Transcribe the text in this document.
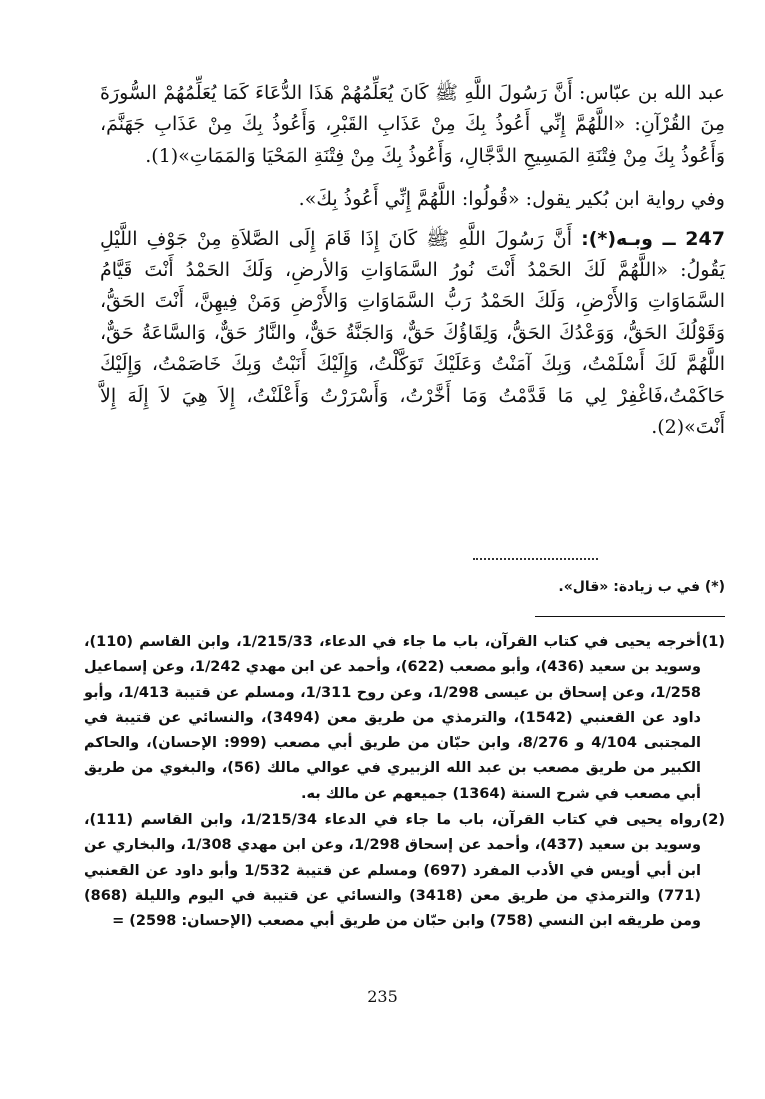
عبد الله بن عبّاس: أَنَّ رَسُولَ اللَّهِ ﷺ كَانَ يُعَلِّمُهُمْ هَذَا الدُّعَاءَ كَمَا يُعَلِّمُهُمْ السُّورَةَ مِنَ القُرْآنِ: «اللَّهُمَّ إِنِّي أَعُوذُ بِكَ مِنْ عَذَابِ القَبْرِ، وَأَعُوذُ بِكَ مِنْ عَذَابِ جَهَنَّمَ، وَأَعُوذُ بِكَ مِنْ فِتْنَةِ المَسِيحِ الدَّجَّالِ، وَأَعُوذُ بِكَ مِنْ فِتْنَةِ المَحْيَا وَالمَمَاتِ»(1).

وفي رواية ابن بُكير يقول: «قُولُوا: اللَّهُمَّ إِنِّي أَعُوذُ بِكَ».

247 ــ وبـه(*): أَنَّ رَسُولَ اللَّهِ ﷺ كَانَ إِذَا قَامَ إِلَى الصَّلاَةِ مِنْ جَوْفِ اللَّيْلِ يَقُولُ: «اللَّهُمَّ لَكَ الحَمْدُ أَنْتَ نُورُ السَّمَاوَاتِ وَالأرضِ، وَلَكَ الحَمْدُ أَنْتَ قَيَّامُ السَّمَاوَاتِ وَالأَرْضِ، وَلَكَ الحَمْدُ رَبُّ السَّمَاوَاتِ وَالأَرْضِ وَمَنْ فِيهِنَّ، أَنْتَ الحَقُّ، وَقَوْلُكَ الحَقُّ، وَوَعْدُكَ الحَقُّ، وَلِقَاؤُكَ حَقٌّ، وَالجَنَّةُ حَقٌّ، والنَّارُ حَقٌّ، وَالسَّاعَةُ حَقٌّ، اللَّهُمَّ لَكَ أَسْلَمْتُ، وَبِكَ آمَنْتُ وَعَلَيْكَ تَوَكَّلْتُ، وَإِلَيْكَ أَنَبْتُ وَبِكَ خَاصَمْتُ، وَإِلَيْكَ حَاكَمْتُ،فَاغْفِرْ لِي مَا قَدَّمْتُ وَمَا أَخَّرْتُ، وَأَسْرَرْتُ وَأَعْلَنْتُ، إِلاَ هِيَ لاَ إِلَهَ إِلاَّ أَنْتَ»(2).

(*) في ب زيادة: «قال».
(1)
أخرجه يحيى في كتاب القرآن، باب ما جاء في الدعاء، 1/215/33، وابن القاسم (110)، وسويد بن سعيد (436)، وأبو مصعب (622)، وأحمد عن ابن مهدي 1/242، وعن إسماعيل 1/258، وعن إسحاق بن عيسى 1/298، وعن روح 1/311، ومسلم عن قتيبة 1/413، وأبو داود عن القعنبي (1542)، والترمذي من طريق معن (3494)، والنسائي عن قتيبة في المجتبى 4/104 و 8/276، وابن حبّان من طريق أبي مصعب (999: الإحسان)، والحاكم الكبير من طريق مصعب بن عبد الله الزبيري في عوالي مالك (56)، والبغوي من طريق أبي مصعب في شرح السنة (1364) جميعهم عن مالك به.
(2)
رواه يحيى في كتاب القرآن، باب ما جاء في الدعاء 1/215/34، وابن القاسم (111)، وسويد بن سعيد (437)، وأحمد عن إسحاق 1/298، وعن ابن مهدي 1/308، والبخاري عن ابن أبي أويس في الأدب المفرد (697) ومسلم عن قتيبة 1/532 وأبو داود عن القعنبي (771) والترمذي من طريق معن (3418) والنسائي عن قتيبة في اليوم والليلة (868) ومن طريقه ابن النسي (758) وابن حبّان من طريق أبي مصعب (الإحسان: 2598) =
235
